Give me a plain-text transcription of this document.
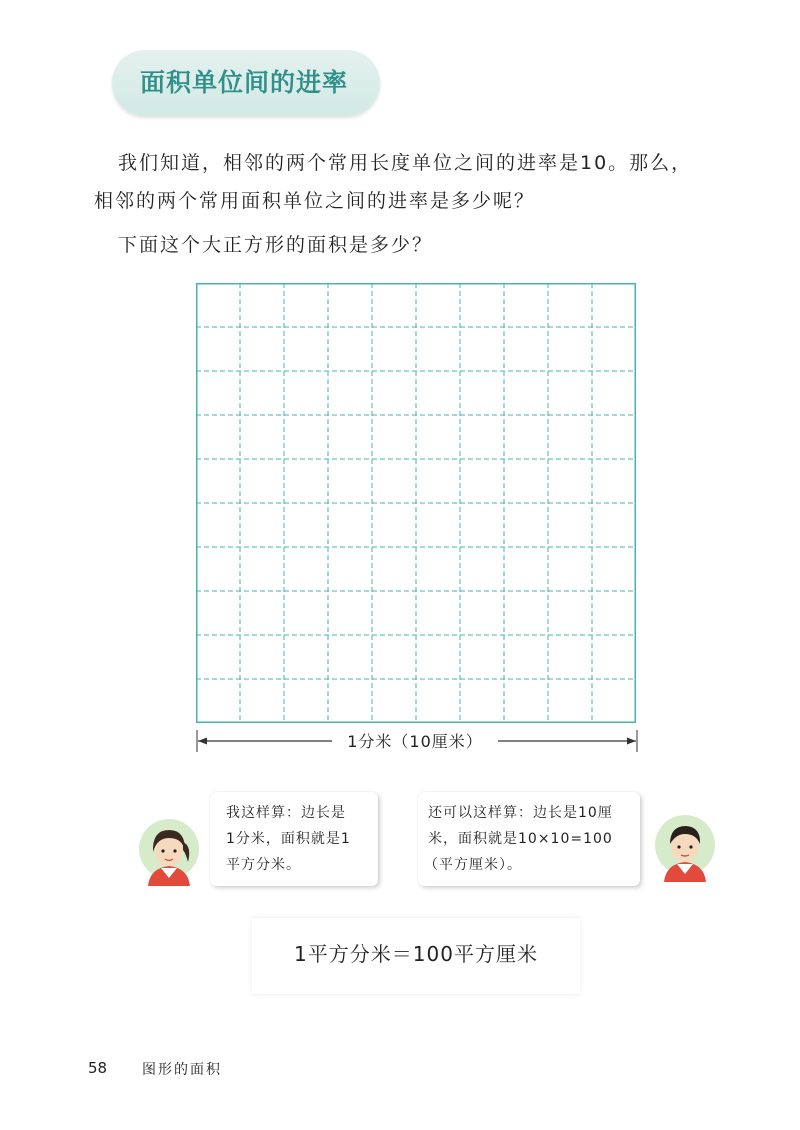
面积单位间的进率
我们知道，相邻的两个常用长度单位之间的进率是10。那么，
相邻的两个常用面积单位之间的进率是多少呢？
下面这个大正方形的面积是多少？
1分米（10厘米）
我这样算：边长是
1分米，面积就是1
平方分米。
还可以这样算：边长是10厘
米，面积就是10×10=100
（平方厘米）。
1平方分米＝100平方厘米
58 图形的面积
